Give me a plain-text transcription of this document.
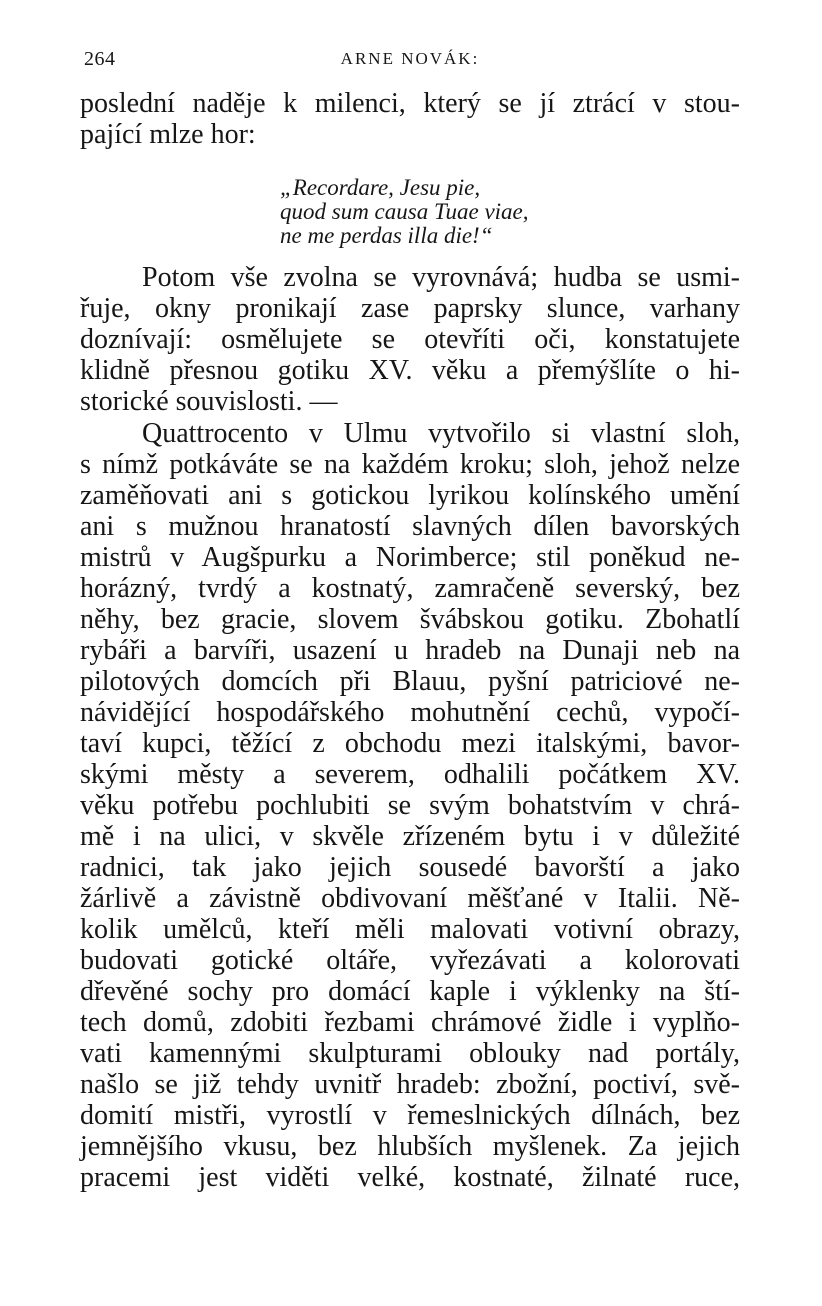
264	ARNE NOVÁK:
poslední naděje k milenci, který se jí ztrácí v stou-
pající mlze hor:
„Recordare, Jesu pie,
quod sum causa Tuae viae,
ne me perdas illa die!“
Potom vše zvolna se vyrovnává; hudba se usmi-
řuje, okny pronikají zase paprsky slunce, varhany
doznívají: osmělujete se otevříti oči, konstatujete
klidně přesnou gotiku XV. věku a přemýšlíte o hi-
storické souvislosti. —
Quattrocento v Ulmu vytvořilo si vlastní sloh,
s nímž potkáváte se na každém kroku; sloh, jehož nelze
zaměňovati ani s gotickou lyrikou kolínského umění
ani s mužnou hranatostí slavných dílen bavorských
mistrů v Augšpurku a Norimberce; stil poněkud ne-
horázný, tvrdý a kostnatý, zamračeně severský, bez
něhy, bez gracie, slovem švábskou gotiku. Zbohatlí
rybáři a barvíři, usazení u hradeb na Dunaji neb na
pilotových domcích při Blauu, pyšní patriciové ne-
návidějící hospodářského mohutnění cechů, vypočí-
taví kupci, těžící z obchodu mezi italskými, bavor-
skými městy a severem, odhalili počátkem XV.
věku potřebu pochlubiti se svým bohatstvím v chrá-
mě i na ulici, v skvěle zřízeném bytu i v důležité
radnici, tak jako jejich sousedé bavorští a jako
žárlivě a závistně obdivovaní měšťané v Italii. Ně-
kolik umělců, kteří měli malovati votivní obrazy,
budovati gotické oltáře, vyřezávati a kolorovati
dřevěné sochy pro domácí kaple i výklenky na ští-
tech domů, zdobiti řezbami chrámové židle i vyplňo-
vati kamennými skulpturami oblouky nad portály,
našlo se již tehdy uvnitř hradeb: zbožní, poctiví, svě-
domití mistři, vyrostlí v řemeslnických dílnách, bez
jemnějšího vkusu, bez hlubších myšlenek. Za jejich
pracemi jest viděti velké, kostnaté, žilnaté ruce,
